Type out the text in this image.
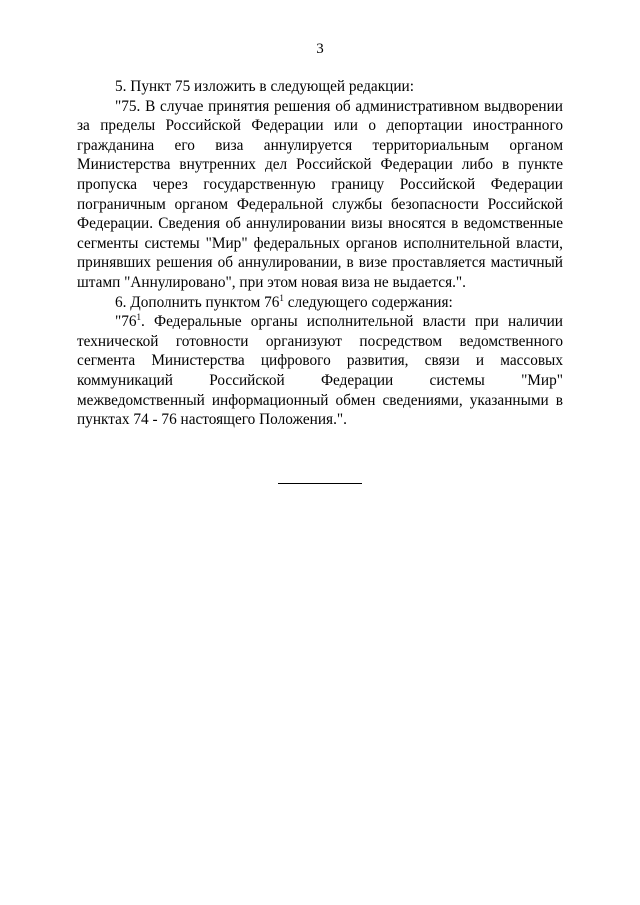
3

5. Пункт 75 изложить в следующей редакции:

"75. В случае принятия решения об административном выдворении за пределы Российской Федерации или о депортации иностранного гражданина его виза аннулируется территориальным органом Министерства внутренних дел Российской Федерации либо в пункте пропуска через государственную границу Российской Федерации пограничным органом Федеральной службы безопасности Российской Федерации. Сведения об аннулировании визы вносятся в ведомственные сегменты системы "Мир" федеральных органов исполнительной власти, принявших решения об аннулировании, в визе проставляется мастичный штамп "Аннулировано", при этом новая виза не выдается.".

6. Дополнить пунктом $76^1$ следующего содержания:

"$76^1$. Федеральные органы исполнительной власти при наличии технической готовности организуют посредством ведомственного сегмента Министерства цифрового развития, связи и массовых коммуникаций Российской Федерации системы "Мир" межведомственный информационный обмен сведениями, указанными в пунктах 74 - 76 настоящего Положения.".
